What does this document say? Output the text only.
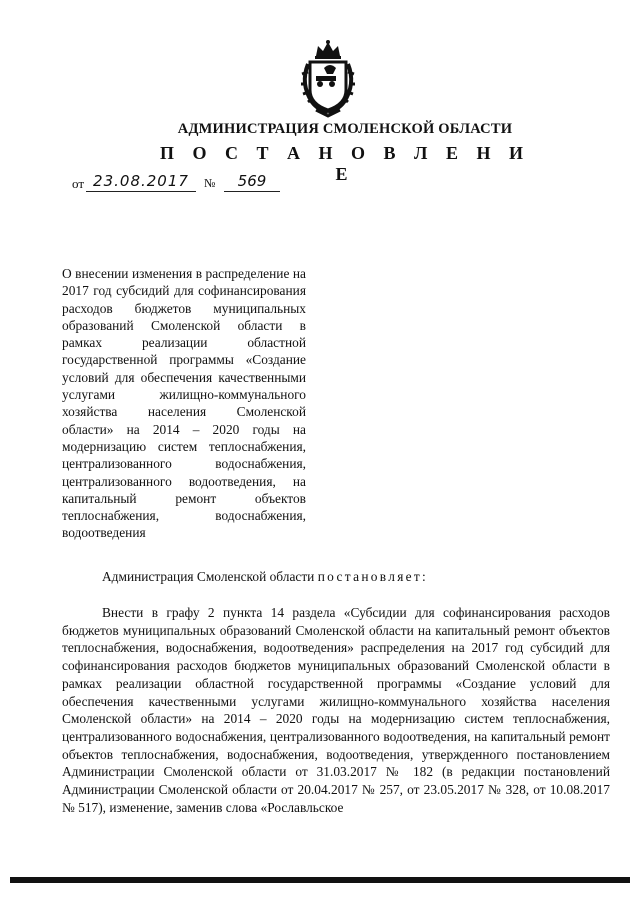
АДМИНИСТРАЦИЯ СМОЛЕНСКОЙ ОБЛАСТИ
П О С Т А Н О В Л Е Н И Е
от 23.08.2017	№	569
О внесении изменения в распределение на 2017 год субсидий для софинансирования расходов бюджетов муниципальных образований Смоленской области в рамках реализации областной государственной программы «Создание условий для обеспечения качественными услугами жилищно-коммунального хозяйства населения Смоленской области» на 2014 – 2020 годы на модернизацию систем теплоснабжения, централизованного водоснабжения, централизованного водоотведения, на капитальный ремонт объектов теплоснабжения, водоснабжения, водоотведения
Администрация Смоленской области постановляет:
Внести в графу 2 пункта 14 раздела «Субсидии для софинансирования расходов бюджетов муниципальных образований Смоленской области на капитальный ремонт объектов теплоснабжения, водоснабжения, водоотведения» распределения на 2017 год субсидий для софинансирования расходов бюджетов муниципальных образований Смоленской области в рамках реализации областной государственной программы «Создание условий для обеспечения качественными услугами жилищно-коммунального хозяйства населения Смоленской области» на 2014 – 2020 годы на модернизацию систем теплоснабжения, централизованного водоснабжения, централизованного водоотведения, на капитальный ремонт объектов теплоснабжения, водоснабжения, водоотведения, утвержденного постановлением Администрации Смоленской области от 31.03.2017 № 182 (в редакции постановлений Администрации Смоленской области от 20.04.2017 № 257, от 23.05.2017 № 328, от 10.08.2017 № 517), изменение, заменив слова «Рославльское
